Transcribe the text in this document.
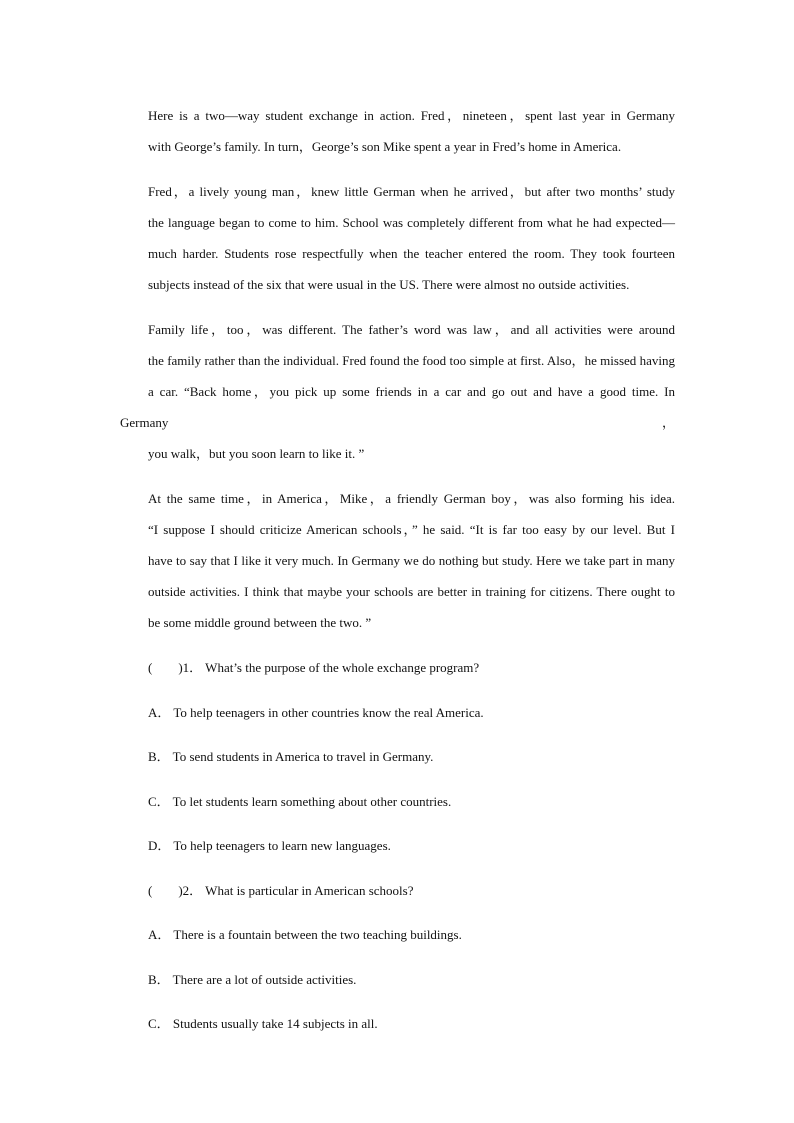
Here is a two—way student exchange in action. Fred，nineteen，spent last year in Germany
with George’s family. In turn，George’s son Mike spent a year in Fred’s home in America.

Fred，a lively young man，knew little German when he arrived，but after two months’ study
the language began to come to him. School was completely different from what he had expected—
much harder. Students rose respectfully when the teacher entered the room. They took fourteen
subjects instead of the six that were usual in the US. There were almost no outside activities.

Family life，too，was different. The father’s word was law，and all activities were around
the family rather than the individual. Fred found the food too simple at first. Also，he missed having
a car. “Back home，you pick up some friends in a car and go out and have a good time. In Germany，
you walk，but you soon learn to like it. ”

At the same time，in America，Mike，a friendly German boy，was also forming his idea.
“I suppose I should criticize American schools，” he said. “It is far too easy by our level. But I
have to say that I like it very much. In Germany we do nothing but study. Here we take part in many
outside activities. I think that maybe your schools are better in training for citizens. There ought to
be some middle ground between the two. ”

(　　)1． What’s the purpose of the whole exchange program?
A． To help teenagers in other countries know the real America.
B． To send students in America to travel in Germany.
C． To let students learn something about other countries.
D． To help teenagers to learn new languages.
(　　)2． What is particular in American schools?
A． There is a fountain between the two teaching buildings.
B． There are a lot of outside activities.
C． Students usually take 14 subjects in all.
